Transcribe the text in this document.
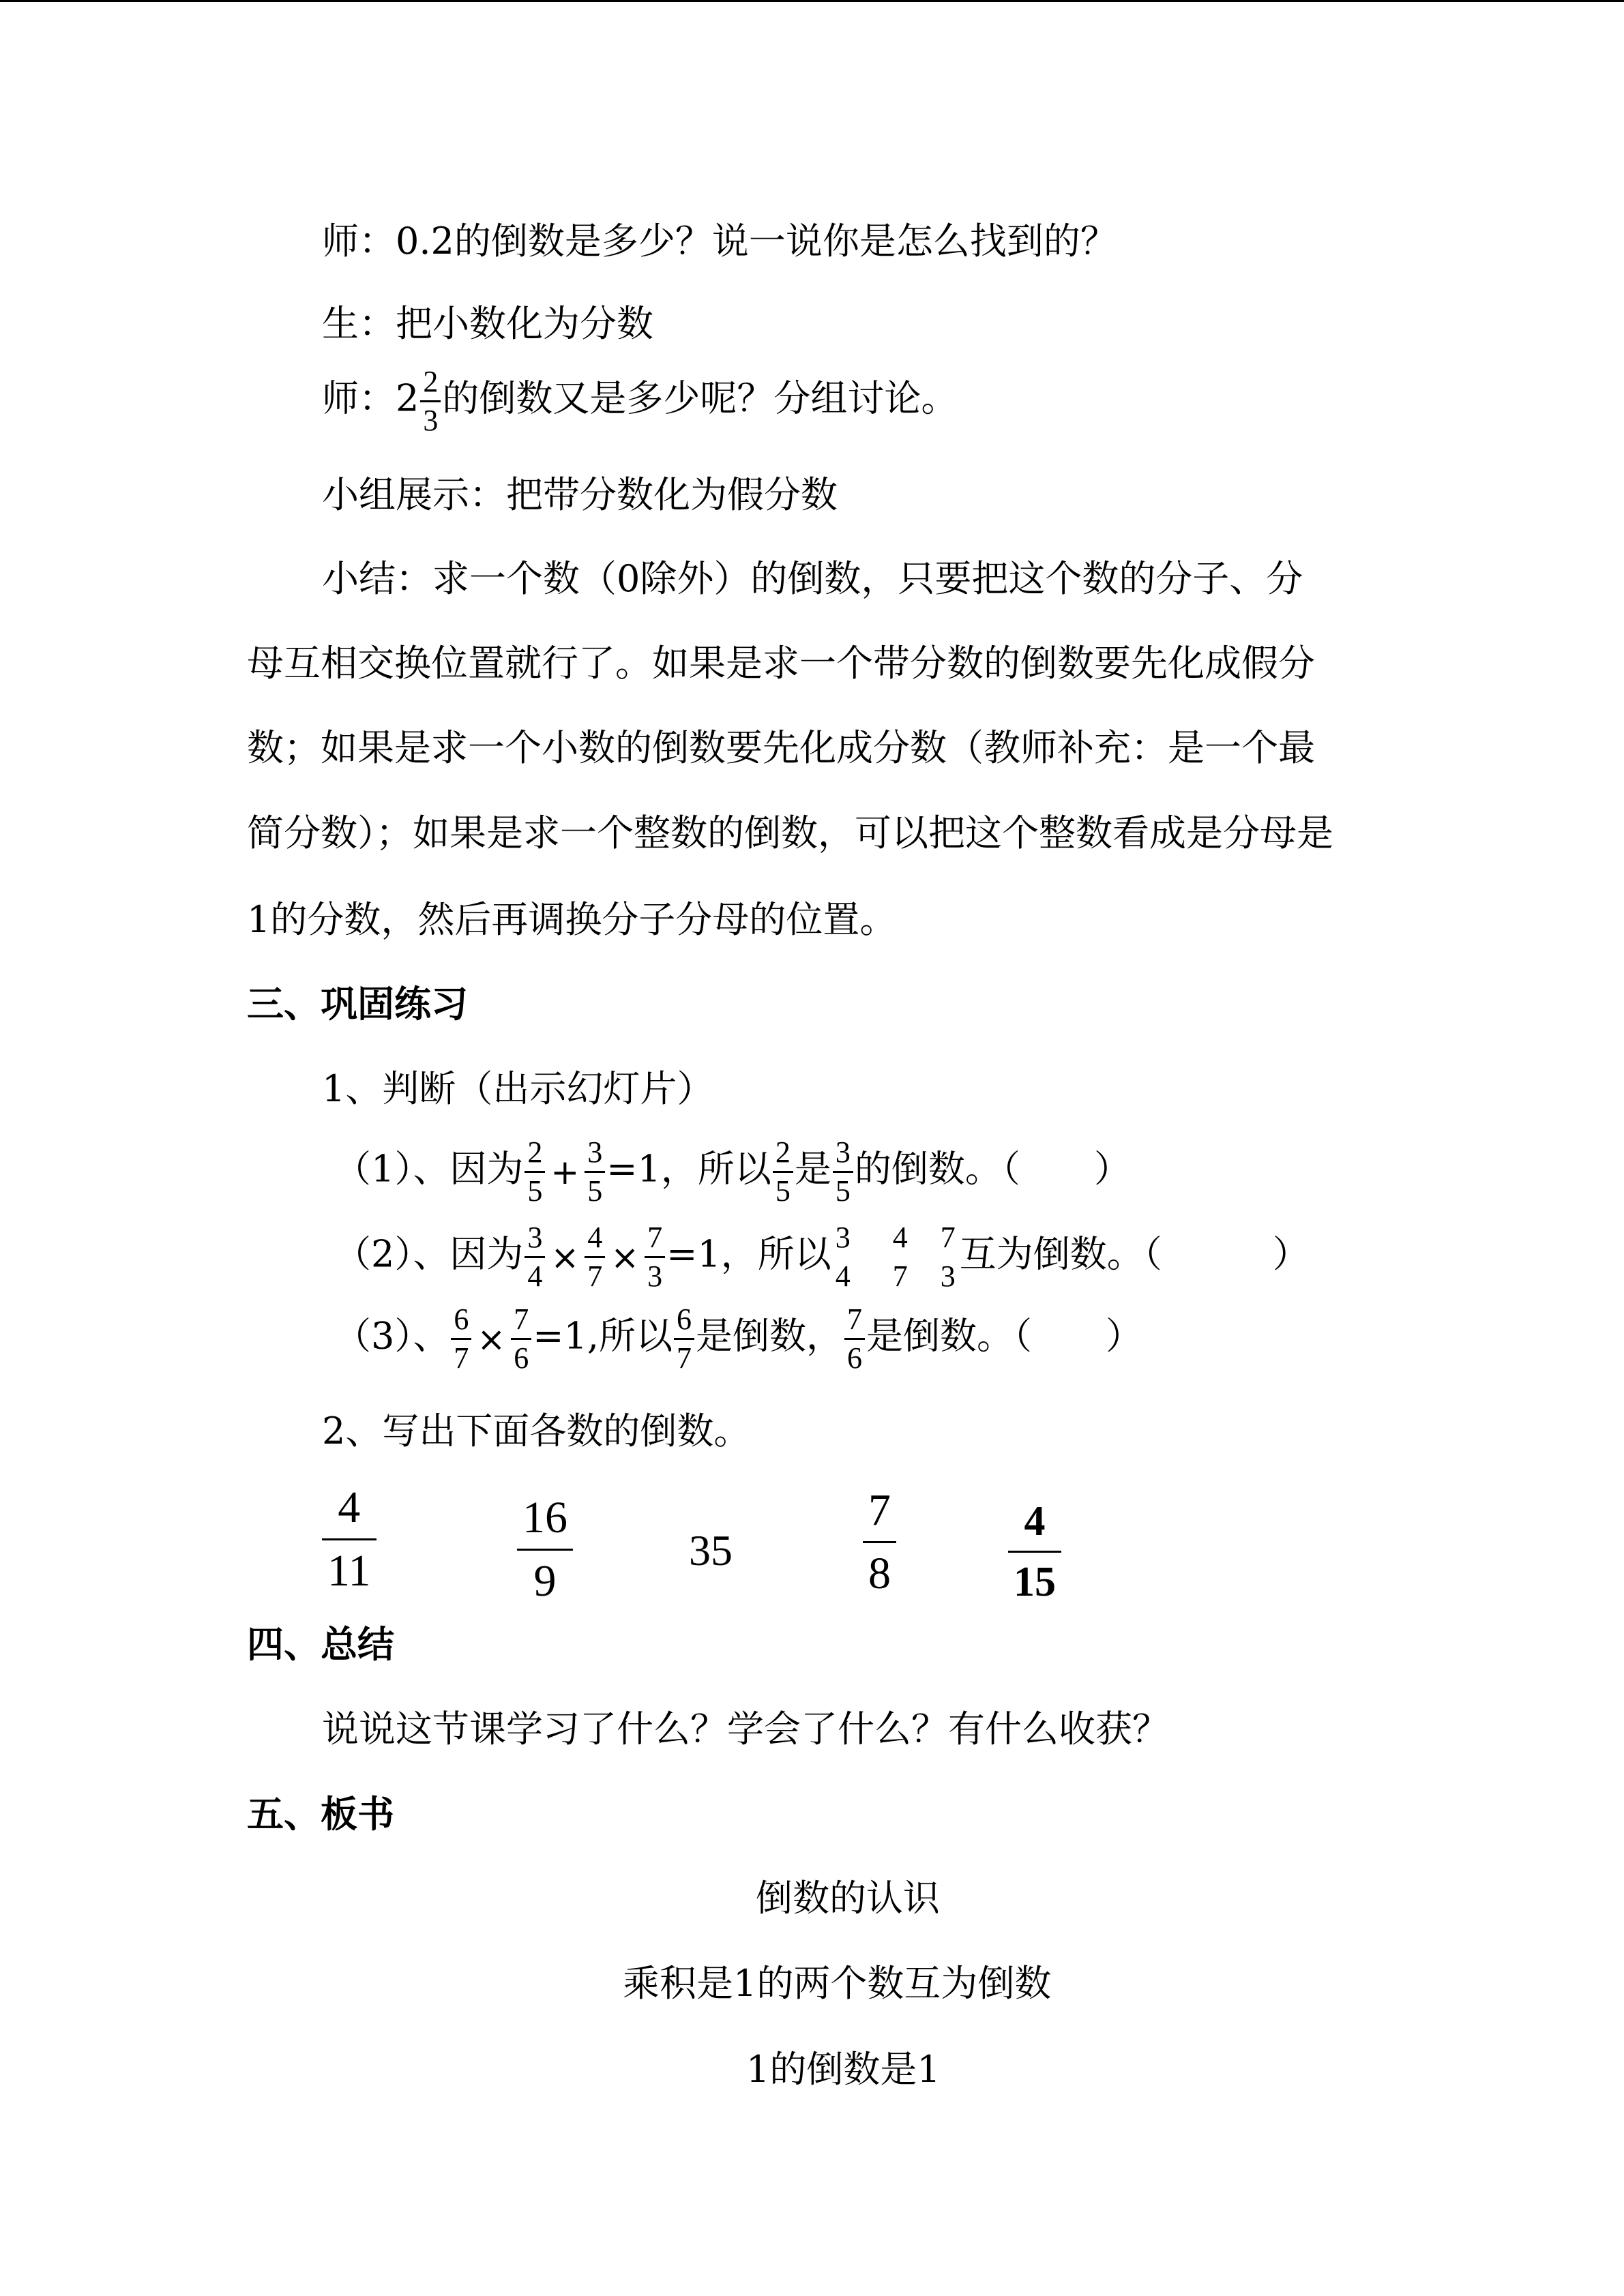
师：0.2的倒数是多少？说一说你是怎么找到的？
生：把小数化为分数
师：$2 \frac{2}{3}$ 的倒数又是多少呢？分组讨论。
小组展示：把带分数化为假分数
小结：求一个数（0除外）的倒数，只要把这个数的分子、分
母互相交换位置就行了。如果是求一个带分数的倒数要先化成假分
数；如果是求一个小数的倒数要先化成分数（教师补充：是一个最
简分数）；如果是求一个整数的倒数，可以把这个整数看成是分母是
1的分数，然后再调换分子分母的位置。
三、巩固练习
1、判断（出示幻灯片）
（1）、因为 $\frac{2}{5} + \frac{3}{5} =1$，所以 $\frac{2}{5}$ 是 $\frac{3}{5}$ 的倒数。（　　）
（2）、因为 $\frac{3}{4} \times \frac{4}{7} \times \frac{7}{3} =1$，所以 3
4
4
7
7
3
互为倒数。（　　　）
（3）、 $\frac{6}{7} \times \frac{7}{6} =1$,所以 $\frac{6}{7}$ 是倒数， $\frac{7}{6}$ 是倒数。（　　）
2、写出下面各数的倒数。
$\frac{4}{11}$	$\frac{16}{9}$	35	$\frac{7}{8}$	$\frac{4}{15}$
四、总结
说说这节课学习了什么？学会了什么？有什么收获？
五、板书
倒数的认识
乘积是1的两个数互为倒数
1的倒数是1
